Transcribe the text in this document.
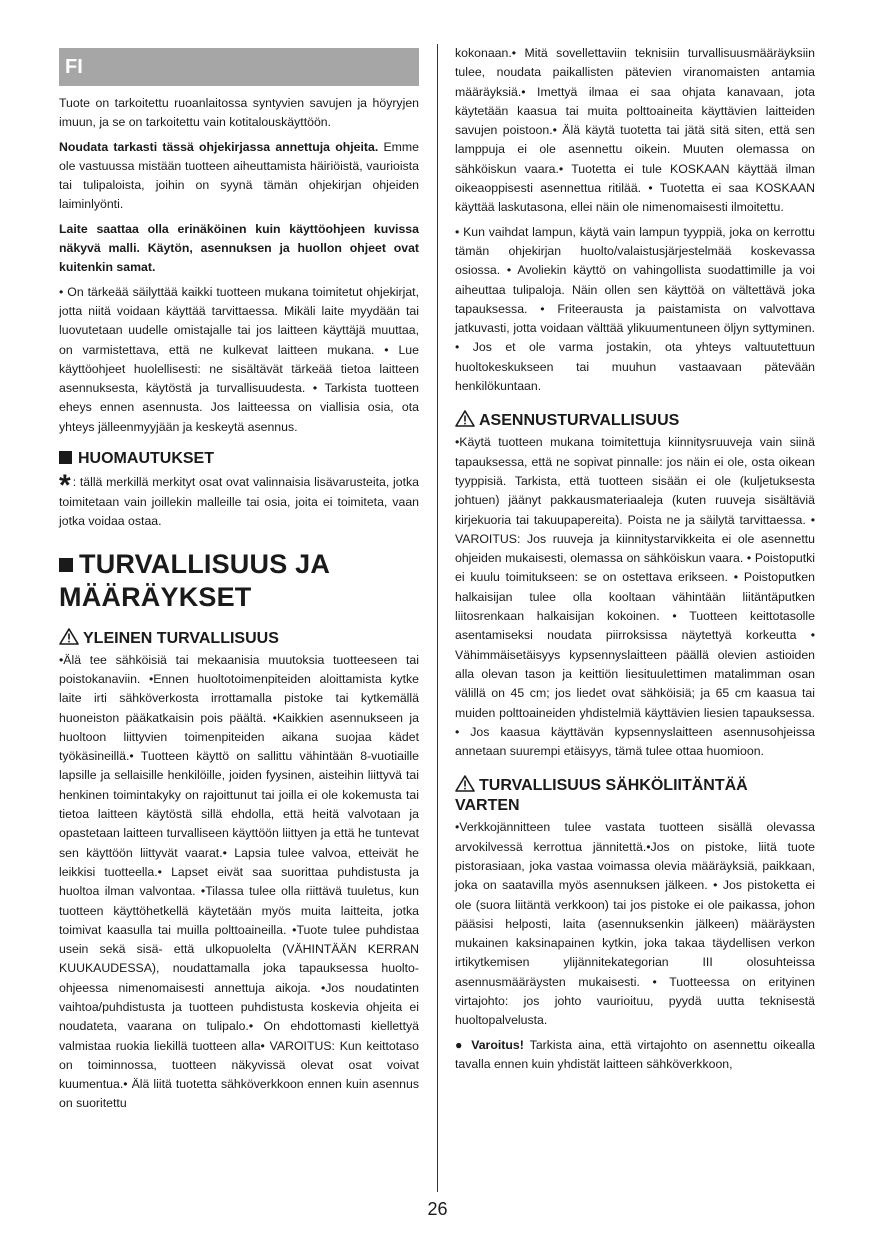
FI

Tuote on tarkoitettu ruoanlaitossa syntyvien savujen ja höyryjen imuun, ja se on tarkoitettu vain kotitalouskäyttöön.

Noudata tarkasti tässä ohjekirjassa annettuja ohjeita. Emme ole vastuussa mistään tuotteen aiheuttamista häiriöistä, vaurioista tai tulipaloista, joihin on syynä tämän ohjekirjan ohjeiden laiminlyönti.

Laite saattaa olla erinäköinen kuin käyttöohjeen kuvissa näkyvä malli. Käytön, asennuksen ja huollon ohjeet ovat kuitenkin samat.

• On tärkeää säilyttää kaikki tuotteen mukana toimitetut ohjekirjat, jotta niitä voidaan käyttää tarvittaessa. Mikäli laite myydään tai luovutetaan uudelle omistajalle tai jos laitteen käyttäjä muuttaa, on varmistettava, että ne kulkevat laitteen mukana. • Lue käyttöohjeet huolellisesti: ne sisältävät tärkeää tietoa laitteen asennuksesta, käytöstä ja turvallisuudesta. • Tarkista tuotteen eheys ennen asennusta. Jos laitteessa on viallisia osia, ota yhteys jälleenmyyjään ja keskeytä asennus.

HUOMAUTUKSET

* : tällä merkillä merkityt osat ovat valinnaisia lisävarusteita, jotka toimitetaan vain joillekin malleille tai osia, joita ei toimiteta, vaan jotka voidaa ostaa.

TURVALLISUUS JA MÄÄRÄYKSET
YLEINEN TURVALLISUUS

•Älä tee sähköisiä tai mekaanisia muutoksia tuotteeseen tai poistokanaviin. •Ennen huoltotoimenpiteiden aloittamista kytke laite irti sähköverkosta irrottamalla pistoke tai kytkemällä huoneiston pääkatkaisin pois päältä. •Kaikkien asennukseen ja huoltoon liittyvien toimenpiteiden aikana suojaa kädet työkäsineillä.• Tuotteen käyttö on sallittu vähintään 8-vuotiaille lapsille ja sellaisille henkilöille, joiden fyysinen, aisteihin liittyvä tai henkinen toimintakyky on rajoittunut tai joilla ei ole kokemusta tai tietoa laitteen käytöstä sillä ehdolla, että heitä valvotaan ja opastetaan laitteen turvalliseen käyttöön liittyen ja että he tuntevat sen käyttöön liittyvät vaarat.• Lapsia tulee valvoa, etteivät he leikkisi tuotteella.• Lapset eivät saa suorittaa puhdistusta ja huoltoa ilman valvontaa. •Tilassa tulee olla riittävä tuuletus, kun tuotteen käyttöhetkellä käytetään myös muita laitteita, jotka toimivat kaasulla tai muilla polttoaineilla. •Tuote tulee puhdistaa usein sekä sisä- että ulkopuolelta (VÄHINTÄÄN KERRAN KUUKAUDESSA), noudattamalla joka tapauksessa huolto-ohjeessa nimenomaisesti annettuja aikoja. •Jos noudatinten vaihtoa/puhdistusta ja tuotteen puhdistusta koskevia ohjeita ei noudateta, vaarana on tulipalo.• On ehdottomasti kiellettyä valmistaa ruokia liekillä tuotteen alla• VAROITUS: Kun keittotaso on toiminnossa, tuotteen näkyvissä olevat osat voivat kuumentua.• Älä liitä tuotetta sähköverkkoon ennen kuin asennus on suoritettu

kokonaan.• Mitä sovellettaviin teknisiin turvallisuusmääräyksiin tulee, noudata paikallisten pätevien viranomaisten antamia määräyksiä.• Imettyä ilmaa ei saa ohjata kanavaan, jota käytetään kaasua tai muita polttoaineita käyttävien laitteiden savujen poistoon.• Älä käytä tuotetta tai jätä sitä siten, että sen lamppuja ei ole asennettu oikein. Muuten olemassa on sähköiskun vaara.• Tuotetta ei tule KOSKAAN käyttää ilman oikeaoppisesti asennettua ritilää. • Tuotetta ei saa KOSKAAN käyttää laskutasona, ellei näin ole nimenomaisesti ilmoitettu.

• Kun vaihdat lampun, käytä vain lampun tyyppiä, joka on kerrottu tämän ohjekirjan huolto/valaistusjärjestelmää koskevassa osiossa. • Avoliekin käyttö on vahingollista suodattimille ja voi aiheuttaa tulipaloja. Näin ollen sen käyttöä on vältettävä joka tapauksessa. • Friteerausta ja paistamista on valvottava jatkuvasti, jotta voidaan välttää ylikuumentuneen öljyn syttyminen. • Jos et ole varma jostakin, ota yhteys valtuutettuun huoltokeskukseen tai muuhun vastaavaan pätevään henkilökuntaan.

ASENNUSTURVALLISUUS

•Käytä tuotteen mukana toimitettuja kiinnitysruuveja vain siinä tapauksessa, että ne sopivat pinnalle: jos näin ei ole, osta oikean tyyppisiä. Tarkista, että tuotteen sisään ei ole (kuljetuksesta johtuen) jäänyt pakkausmateriaaleja (kuten ruuveja sisältäviä kirjekuoria tai takuupapereita). Poista ne ja säilytä tarvittaessa. • VAROITUS: Jos ruuveja ja kiinnitystarvikkeita ei ole asennettu ohjeiden mukaisesti, olemassa on sähköiskun vaara. • Poistoputki ei kuulu toimitukseen: se on ostettava erikseen. • Poistoputken halkaisijan tulee olla kooltaan vähintään liitäntäputken liitosrenkaan halkaisijan kokoinen. • Tuotteen keittotasolle asentamiseksi noudata piirroksissa näytettyä korkeutta • Vähimmäisetäisyys kypsennyslaitteen päällä olevien astioiden alla olevan tason ja keittiön liesituulettimen matalimman osan välillä on 45 cm; jos liedet ovat sähköisiä; ja 65 cm kaasua tai muiden polttoaineiden yhdistelmiä käyttävien liesien tapauksessa. • Jos kaasua käyttävän kypsennyslaitteen asennusohjeissa annetaan suurempi etäisyys, tämä tulee ottaa huomioon.

TURVALLISUUS SÄHKÖLIITÄNTÄÄ VARTEN

•Verkkojännitteen tulee vastata tuotteen sisällä olevassa arvokilvessä kerrottua jännitettä.•Jos on pistoke, liitä tuote pistorasiaan, joka vastaa voimassa olevia määräyksiä, paikkaan, joka on saatavilla myös asennuksen jälkeen. • Jos pistoketta ei ole (suora liitäntä verkkoon) tai jos pistoke ei ole paikassa, johon pääsisi helposti, laita (asennuksenkin jälkeen) määräysten mukainen kaksinapainen kytkin, joka takaa täydellisen verkon irtikytkemisen ylijännitekategorian III olosuhteissa asennusmääräysten mukaisesti. • Tuotteessa on erityinen virtajohto: jos johto vaurioituu, pyydä uutta teknisestä huoltopalvelusta.

● Varoitus! Tarkista aina, että virtajohto on asennettu oikealla tavalla ennen kuin yhdistät laitteen sähköverkkoon,

26
